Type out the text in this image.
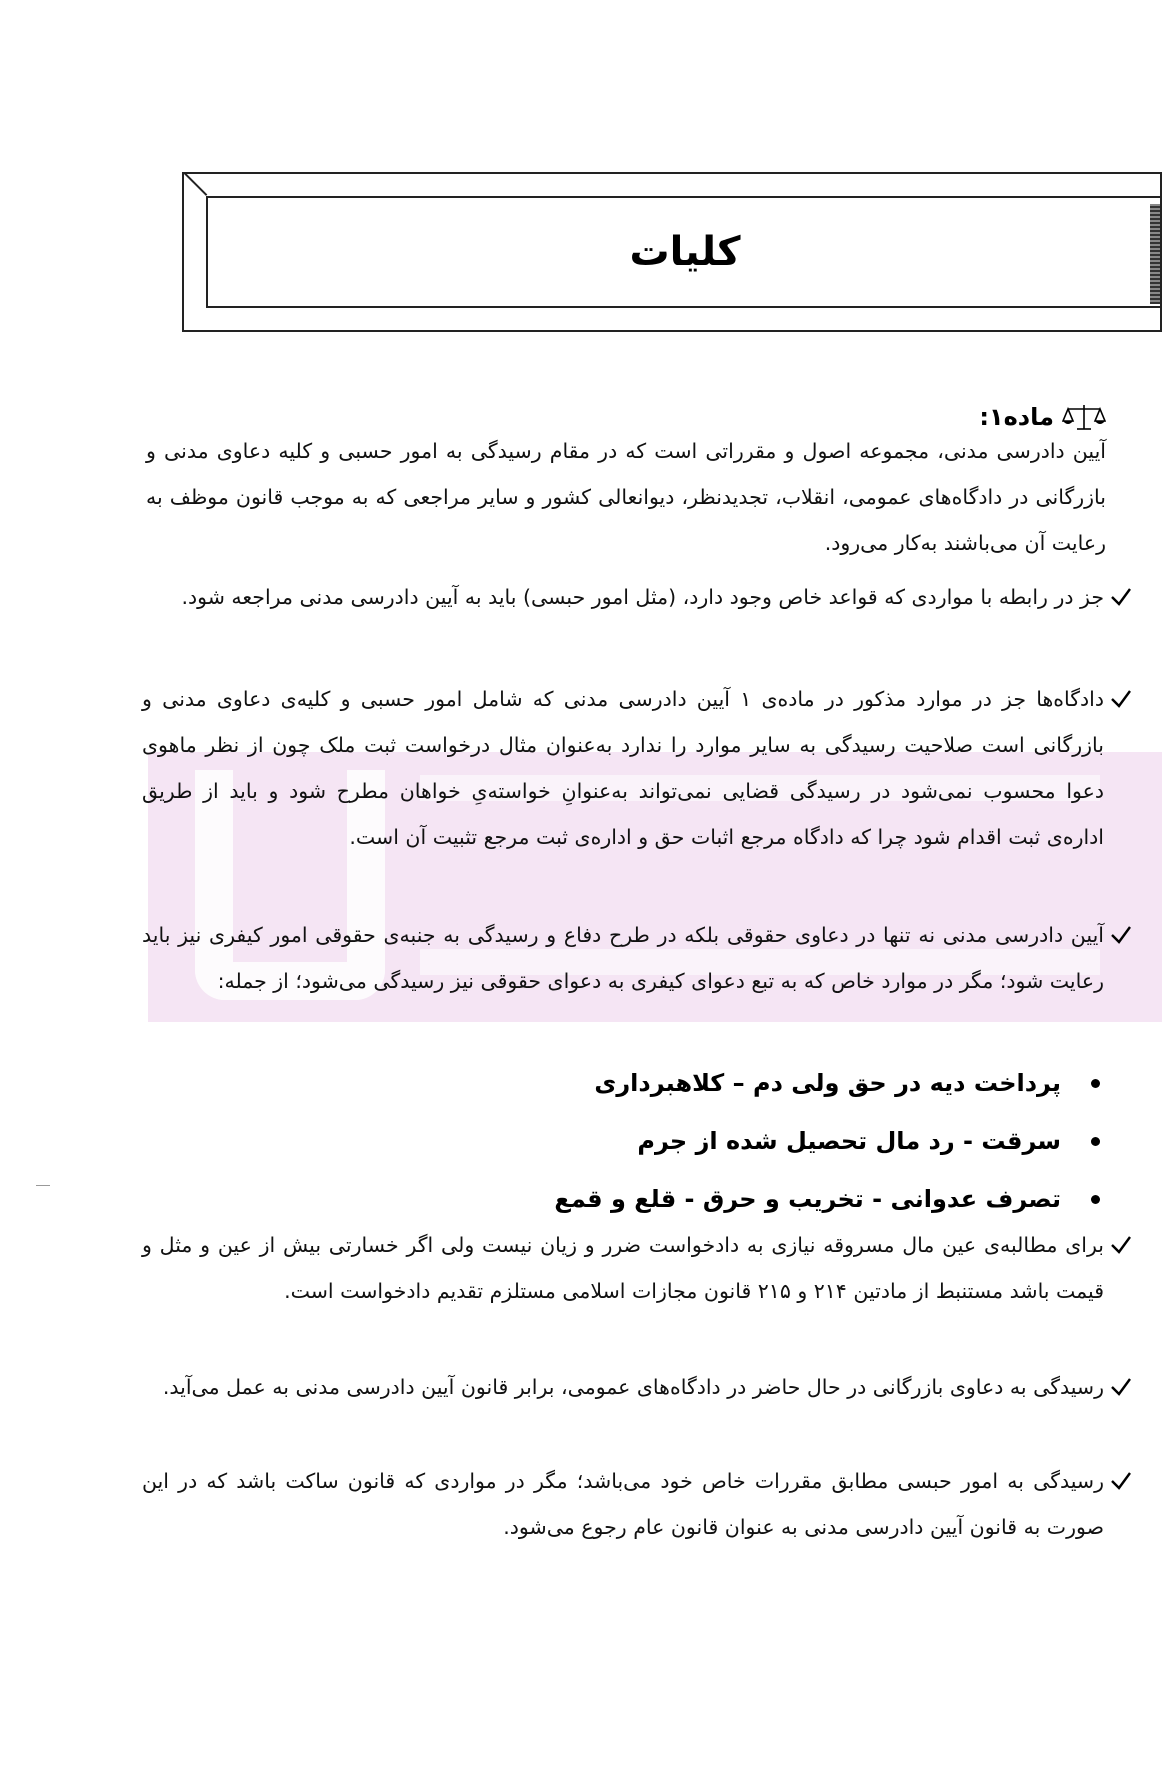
کلیات
ماده۱:

آیین دادرسی مدنی، مجموعه اصول و مقرراتی است که در مقام رسیدگی به امور حسبی و کلیه دعاوی مدنی و بازرگانی در دادگاه‌های عمومی، انقلاب، تجدیدنظر، دیوانعالی کشور و سایر مراجعی که به موجب قانون موظف به رعایت آن می‌باشند به‌کار می‌رود.

جز در رابطه با مواردی که قواعد خاص وجود دارد، (مثل امور حبسی) باید به آیین دادرسی مدنی مراجعه شود.
دادگاه‌ها جز در موارد مذکور در ماده‌ی ۱ آیین دادرسی مدنی که شامل امور حسبی و کلیه‌ی دعاوی مدنی و بازرگانی است صلاحیت رسیدگی به سایر موارد را ندارد به‌عنوان مثال درخواست ثبت ملک چون از نظر ماهوی دعوا محسوب نمی‌شود در رسیدگی قضایی نمی‌تواند به‌عنوانِ خواسته‌یِ خواهان مطرح شود و باید از طریق اداره‌ی ثبت اقدام شود چرا که دادگاه مرجع اثبات حق و اداره‌ی ثبت مرجع تثبیت آن است.
آیین دادرسی مدنی نه تنها در دعاوی حقوقی بلکه در طرح دفاع و رسیدگی به جنبه‌ی حقوقی امور کیفری نیز باید رعایت شود؛ مگر در موارد خاص که به تبع دعوای کیفری به دعوای حقوقی نیز رسیدگی می‌شود؛ از جمله:
پرداخت دیه در حق ولی دم – کلاهبرداری
سرقت - رد مال تحصیل شده از جرم
تصرف عدوانی - تخریب و حرق - قلع و قمع
برای مطالبه‌ی عین مال مسروقه نیازی به دادخواست ضرر و زیان نیست ولی اگر خسارتی بیش از عین و مثل و قیمت باشد مستنبط از مادتین ۲۱۴ و ۲۱۵ قانون مجازات اسلامی مستلزم تقدیم دادخواست است.
رسیدگی به دعاوی بازرگانی در حال حاضر در دادگاه‌های عمومی، برابر قانون آیین دادرسی مدنی به عمل می‌آید.
رسیدگی به امور حبسی مطابق مقررات خاص خود می‌باشد؛ مگر در مواردی که قانون ساکت باشد که در این صورت به قانون آیین دادرسی مدنی به عنوان قانون عام رجوع می‌شود.
